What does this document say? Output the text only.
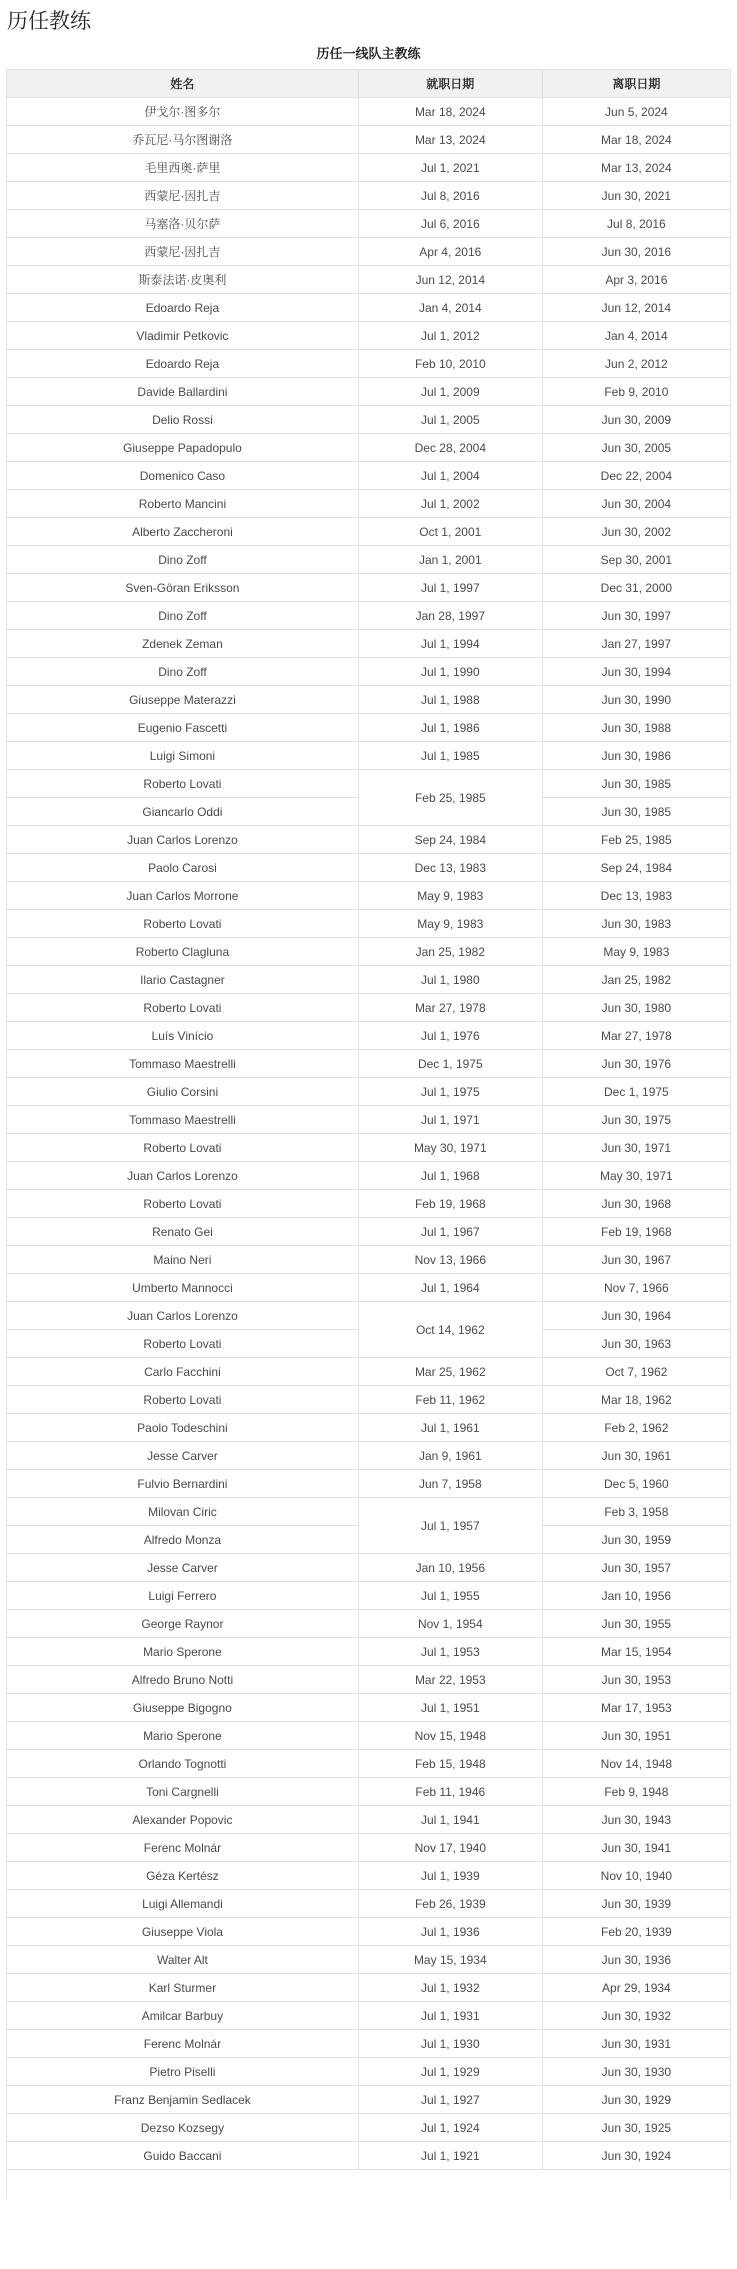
历任教练
历任一线队主教练
姓名	就职日期	离职日期
伊戈尔·图多尔	Mar 18, 2024	Jun 5, 2024
乔瓦尼·马尔图谢洛	Mar 13, 2024	Mar 18, 2024
毛里西奥·萨里	Jul 1, 2021	Mar 13, 2024
西蒙尼·因扎吉	Jul 8, 2016	Jun 30, 2021
马塞洛·贝尔萨	Jul 6, 2016	Jul 8, 2016
西蒙尼·因扎吉	Apr 4, 2016	Jun 30, 2016
斯泰法诺·皮奥利	Jun 12, 2014	Apr 3, 2016
Edoardo Reja	Jan 4, 2014	Jun 12, 2014
Vladimir Petkovic	Jul 1, 2012	Jan 4, 2014
Edoardo Reja	Feb 10, 2010	Jun 2, 2012
Davide Ballardini	Jul 1, 2009	Feb 9, 2010
Delio Rossi	Jul 1, 2005	Jun 30, 2009
Giuseppe Papadopulo	Dec 28, 2004	Jun 30, 2005
Domenico Caso	Jul 1, 2004	Dec 22, 2004
Roberto Mancini	Jul 1, 2002	Jun 30, 2004
Alberto Zaccheroni	Oct 1, 2001	Jun 30, 2002
Dino Zoff	Jan 1, 2001	Sep 30, 2001
Sven-Göran Eriksson	Jul 1, 1997	Dec 31, 2000
Dino Zoff	Jan 28, 1997	Jun 30, 1997
Zdenek Zeman	Jul 1, 1994	Jan 27, 1997
Dino Zoff	Jul 1, 1990	Jun 30, 1994
Giuseppe Materazzi	Jul 1, 1988	Jun 30, 1990
Eugenio Fascetti	Jul 1, 1986	Jun 30, 1988
Luigi Simoni	Jul 1, 1985	Jun 30, 1986
Roberto Lovati	Feb 25, 1985	Jun 30, 1985
Giancarlo Oddi		Jun 30, 1985
Juan Carlos Lorenzo	Sep 24, 1984	Feb 25, 1985
Paolo Carosi	Dec 13, 1983	Sep 24, 1984
Juan Carlos Morrone	May 9, 1983	Dec 13, 1983
Roberto Lovati	May 9, 1983	Jun 30, 1983
Roberto Clagluna	Jan 25, 1982	May 9, 1983
Ilario Castagner	Jul 1, 1980	Jan 25, 1982
Roberto Lovati	Mar 27, 1978	Jun 30, 1980
Luís Vinício	Jul 1, 1976	Mar 27, 1978
Tommaso Maestrelli	Dec 1, 1975	Jun 30, 1976
Giulio Corsini	Jul 1, 1975	Dec 1, 1975
Tommaso Maestrelli	Jul 1, 1971	Jun 30, 1975
Roberto Lovati	May 30, 1971	Jun 30, 1971
Juan Carlos Lorenzo	Jul 1, 1968	May 30, 1971
Roberto Lovati	Feb 19, 1968	Jun 30, 1968
Renato Gei	Jul 1, 1967	Feb 19, 1968
Maino Neri	Nov 13, 1966	Jun 30, 1967
Umberto Mannocci	Jul 1, 1964	Nov 7, 1966
Juan Carlos Lorenzo	Oct 14, 1962	Jun 30, 1964
Roberto Lovati		Jun 30, 1963
Carlo Facchini	Mar 25, 1962	Oct 7, 1962
Roberto Lovati	Feb 11, 1962	Mar 18, 1962
Paolo Todeschini	Jul 1, 1961	Feb 2, 1962
Jesse Carver	Jan 9, 1961	Jun 30, 1961
Fulvio Bernardini	Jun 7, 1958	Dec 5, 1960
Milovan Ciric	Jul 1, 1957	Feb 3, 1958
Alfredo Monza		Jun 30, 1959
Jesse Carver	Jan 10, 1956	Jun 30, 1957
Luigi Ferrero	Jul 1, 1955	Jan 10, 1956
George Raynor	Nov 1, 1954	Jun 30, 1955
Mario Sperone	Jul 1, 1953	Mar 15, 1954
Alfredo Bruno Notti	Mar 22, 1953	Jun 30, 1953
Giuseppe Bigogno	Jul 1, 1951	Mar 17, 1953
Mario Sperone	Nov 15, 1948	Jun 30, 1951
Orlando Tognotti	Feb 15, 1948	Nov 14, 1948
Toni Cargnelli	Feb 11, 1946	Feb 9, 1948
Alexander Popovic	Jul 1, 1941	Jun 30, 1943
Ferenc Molnár	Nov 17, 1940	Jun 30, 1941
Géza Kertész	Jul 1, 1939	Nov 10, 1940
Luigi Allemandi	Feb 26, 1939	Jun 30, 1939
Giuseppe Viola	Jul 1, 1936	Feb 20, 1939
Walter Alt	May 15, 1934	Jun 30, 1936
Karl Sturmer	Jul 1, 1932	Apr 29, 1934
Amilcar Barbuy	Jul 1, 1931	Jun 30, 1932
Ferenc Molnár	Jul 1, 1930	Jun 30, 1931
Pietro Piselli	Jul 1, 1929	Jun 30, 1930
Franz Benjamin Sedlacek	Jul 1, 1927	Jun 30, 1929
Dezso Kozsegy	Jul 1, 1924	Jun 30, 1925
Guido Baccani	Jul 1, 1921	Jun 30, 1924
